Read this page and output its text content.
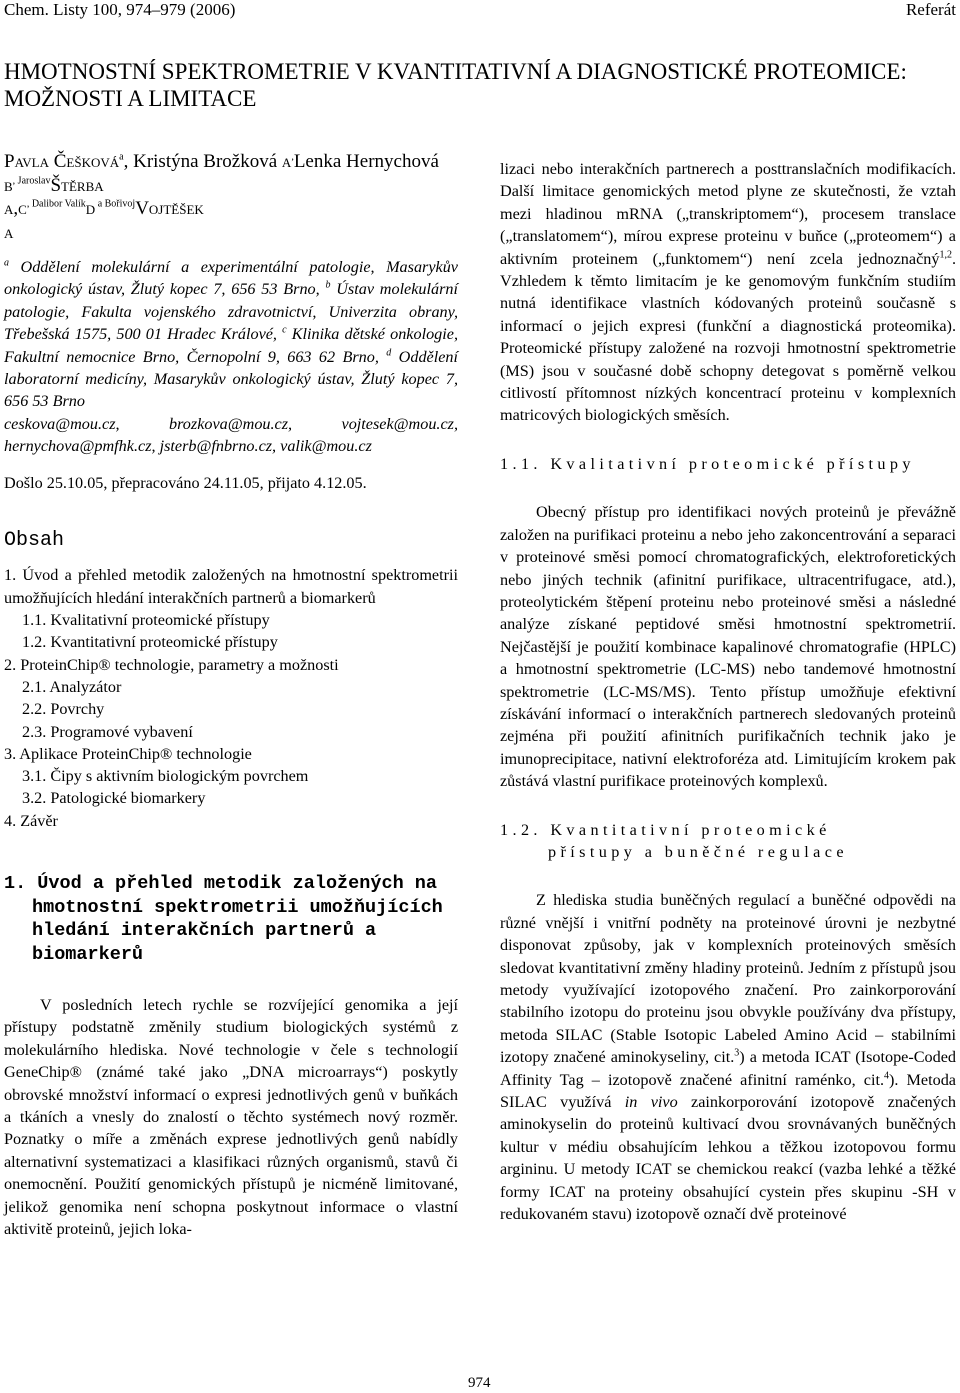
Chem. Listy 100, 974–979 (2006)	Referát
HMOTNOSTNÍ SPEKTROMETRIE V KVANTITATIVNÍ A DIAGNOSTICKÉ PROTEOMICE: MOŽNOSTI A LIMITACE
Pavla Češková$^a$, Kristýna Brožková a,Lenka Hernychová
$b^{, Jaroslav}Štěrba$
$a,c^{, Dalibor Valík}d$ $^{a Bořivoj}$Vojtěšek
a
$^a$ Oddělení molekulární a experimentální patologie, Masarykův onkologický ústav, Žlutý kopec 7, 656 53 Brno, $^b$ Ústav molekulární patologie, Fakulta vojenského zdravotnictví, Univerzita obrany, Třebešská 1575, 500 01 Hradec Králové, $^c$ Klinika dětské onkologie, Fakultní nemocnice Brno, Černopolní 9, 663 62 Brno, $^d$ Oddělení laboratorní medicíny, Masarykův onkologický ústav, Žlutý kopec 7, 656 53 Brno
ceskova@mou.cz, brozkova@mou.cz, vojtesek@mou.cz, hernychova@pmfhk.cz, jsterb@fnbrno.cz, valik@mou.cz
Došlo 25.10.05, přepracováno 24.11.05, přijato 4.12.05.
Obsah
1. Úvod a přehled metodik založených na hmotnostní spektrometrii umožňujících hledání interakčních partnerů a biomarkerů
1.1. Kvalitativní proteomické přístupy
1.2. Kvantitativní proteomické přístupy
2. ProteinChip® technologie, parametry a možnosti
2.1. Analyzátor
2.2. Povrchy
2.3. Programové vybavení
3. Aplikace ProteinChip® technologie
3.1. Čipy s aktivním biologickým povrchem
3.2. Patologické biomarkery
4. Závěr
1. Úvod a přehled metodik založených na
hmotnostní spektrometrii umožňujících
hledání interakčních partnerů a biomarkerů

V posledních letech rychle se rozvíjející genomika a její přístupy podstatně změnily studium biologických systémů z molekulárního hlediska. Nové technologie v čele s technologií GeneChip® (známé také jako „DNA microarrays“) poskytly obrovské množství informací o expresi jednotlivých genů v buňkách a tkáních a vnesly do znalostí o těchto systémech nový rozměr. Poznatky o míře a změnách exprese jednotlivých genů nabídly alternativní systematizaci a klasifikaci různých organismů, stavů či onemocnění. Použití genomických přístupů je nicméně limitované, jelikož genomika není schopna poskytnout informace o vlastní aktivitě proteinů, jejich loka-

lizaci nebo interakčních partnerech a posttranslačních modifikacích. Další limitace genomických metod plyne ze skutečnosti, že vztah mezi hladinou mRNA („transkriptomem“), procesem translace („translatomem“), mírou exprese proteinu v buňce („proteomem“) a aktivním proteinem („funktomem“) není zcela jednoznačný$^{1,2}$. Vzhledem k těmto limitacím je ke genomovým funkčním studiím nutná identifikace vlastních kódovaných proteinů současně s informací o jejich expresi (funkční a diagnostická proteomika). Proteomické přístupy založené na rozvoji hmotnostní spektrometrie (MS) jsou v současné době schopny detegovat s poměrně velkou citlivostí přítomnost nízkých koncentrací proteinu v komplexních matricových biologických směsích.

1.1. Kvalitativní proteomické přístupy

Obecný přístup pro identifikaci nových proteinů je převážně založen na purifikaci proteinu a nebo jeho zakoncentrování a separaci v proteinové směsi pomocí chromatografických, elektroforetických nebo jiných technik (afinitní purifikace, ultracentrifugace, atd.), proteolytickém štěpení proteinu nebo proteinové směsi a následné analýze získané peptidové směsi hmotnostní spektrometrií. Nejčastější je použití kombinace kapalinové chromatografie (HPLC) a hmotnostní spektrometrie (LC-MS) nebo tandemové hmotnostní spektrometrie (LC-MS/MS). Tento přístup umožňuje efektivní získávání informací o interakčních partnerech sledovaných proteinů zejména při použití afinitních purifikačních technik jako je imunoprecipitace, nativní elektroforéza atd. Limitujícím krokem pak zůstává vlastní purifikace proteinových komplexů.

1.2. Kvantitativní proteomické
přístupy a buněčné regulace

Z hlediska studia buněčných regulací a buněčné odpovědi na různé vnější i vnitřní podněty na proteinové úrovni je nezbytné disponovat způsoby, jak v komplexních proteinových směsích sledovat kvantitativní změny hladiny proteinů. Jedním z přístupů jsou metody využívající izotopového značení. Pro zainkorporování stabilního izotopu do proteinu jsou obvykle používány dva přístupy, metoda SILAC (Stable Isotopic Labeled Amino Acid – stabilními izotopy značené aminokyseliny, cit.$^3$) a metoda ICAT (Isotope-Coded Affinity Tag – izotopově značené afinitní raménko, cit.$^4$). Metoda SILAC využívá in vivo zainkorporování izotopově značených aminokyselin do proteinů kultivací dvou srovnávaných buněčných kultur v médiu obsahujícím lehkou a těžkou izotopovou formu argininu. U metody ICAT se chemickou reakcí (vazba lehké a těžké formy ICAT na proteiny obsahující cystein přes skupinu -SH v redukovaném stavu) izotopově označí dvě proteinové

974
